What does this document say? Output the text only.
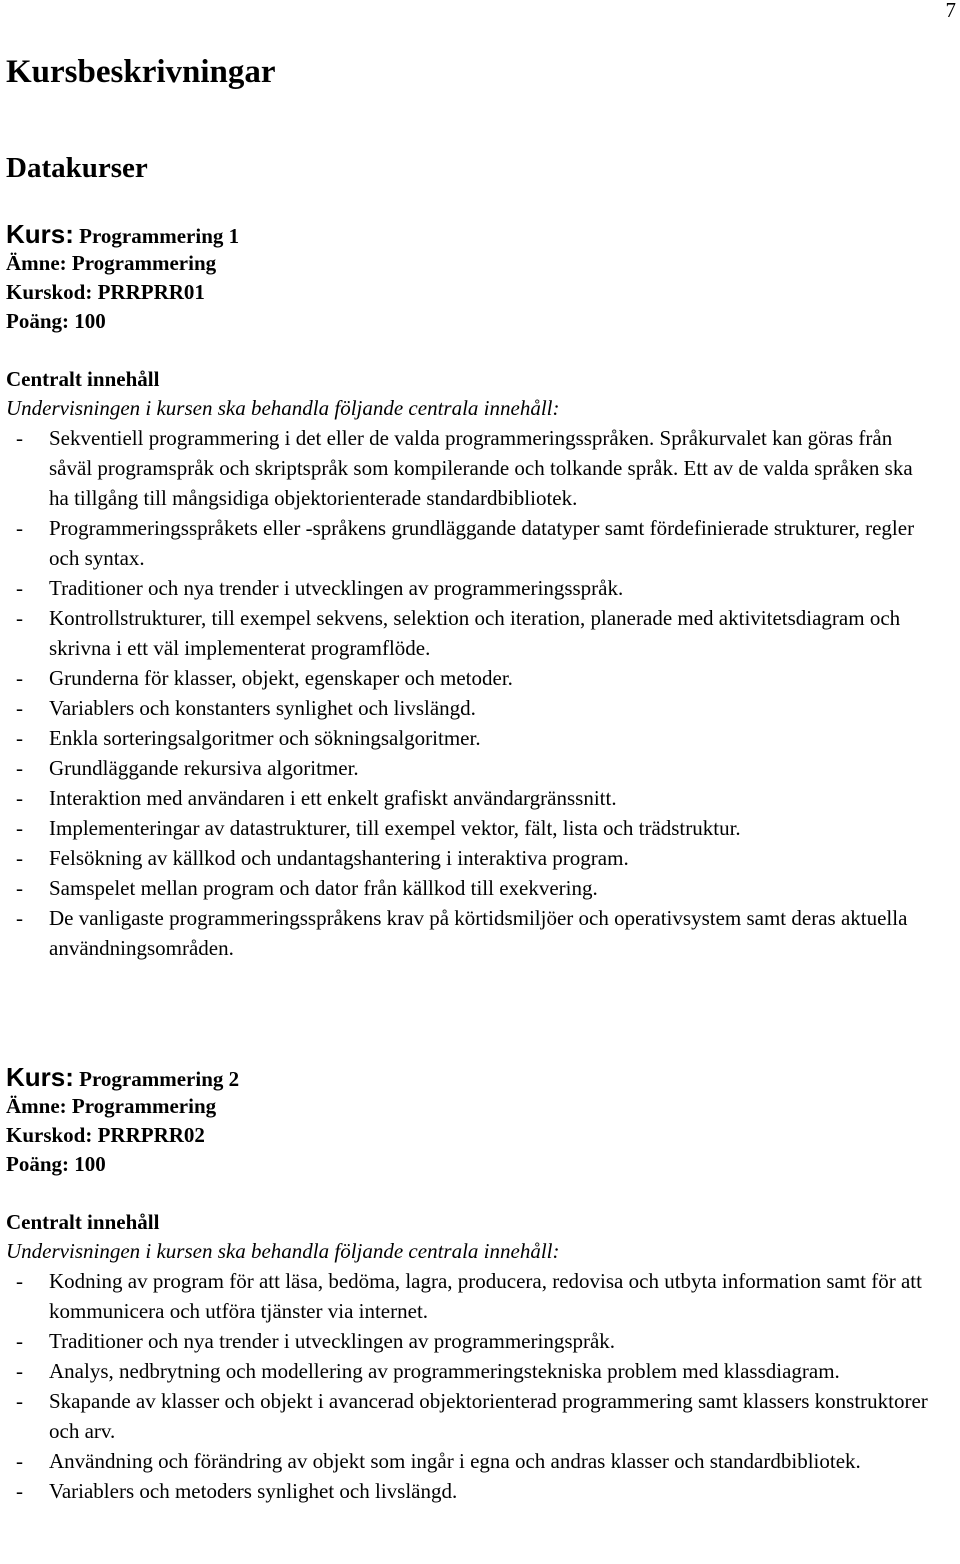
7
Kursbeskrivningar
Datakurser
Kurs: Programmering 1
Ämne: Programmering
Kurskod: PRRPRR01
Poäng: 100
Centralt innehåll
Undervisningen i kursen ska behandla följande centrala innehåll:
- Sekventiell programmering i det eller de valda programmeringsspråken. Språkurvalet kan göras från såväl programspråk och skriptspråk som kompilerande och tolkande språk. Ett av de valda språken ska ha tillgång till mångsidiga objektorienterade standardbibliotek.
- Programmeringsspråkets eller -språkens grundläggande datatyper samt fördefinierade strukturer, regler och syntax.
- Traditioner och nya trender i utvecklingen av programmeringsspråk.
- Kontrollstrukturer, till exempel sekvens, selektion och iteration, planerade med aktivitetsdiagram och skrivna i ett väl implementerat programflöde.
- Grunderna för klasser, objekt, egenskaper och metoder.
- Variablers och konstanters synlighet och livslängd.
- Enkla sorteringsalgoritmer och sökningsalgoritmer.
- Grundläggande rekursiva algoritmer.
- Interaktion med användaren i ett enkelt grafiskt användargränssnitt.
- Implementeringar av datastrukturer, till exempel vektor, fält, lista och trädstruktur.
- Felsökning av källkod och undantagshantering i interaktiva program.
- Samspelet mellan program och dator från källkod till exekvering.
- De vanligaste programmeringsspråkens krav på körtidsmiljöer och operativsystem samt deras aktuella användningsområden.
Kurs: Programmering 2
Ämne: Programmering
Kurskod: PRRPRR02
Poäng: 100
Centralt innehåll
Undervisningen i kursen ska behandla följande centrala innehåll:
- Kodning av program för att läsa, bedöma, lagra, producera, redovisa och utbyta information samt för att kommunicera och utföra tjänster via internet.
- Traditioner och nya trender i utvecklingen av programmeringspråk.
- Analys, nedbrytning och modellering av programmeringstekniska problem med klassdiagram.
- Skapande av klasser och objekt i avancerad objektorienterad programmering samt klassers konstruktorer och arv.
- Användning och förändring av objekt som ingår i egna och andras klasser och standardbibliotek.
- Variablers och metoders synlighet och livslängd.
